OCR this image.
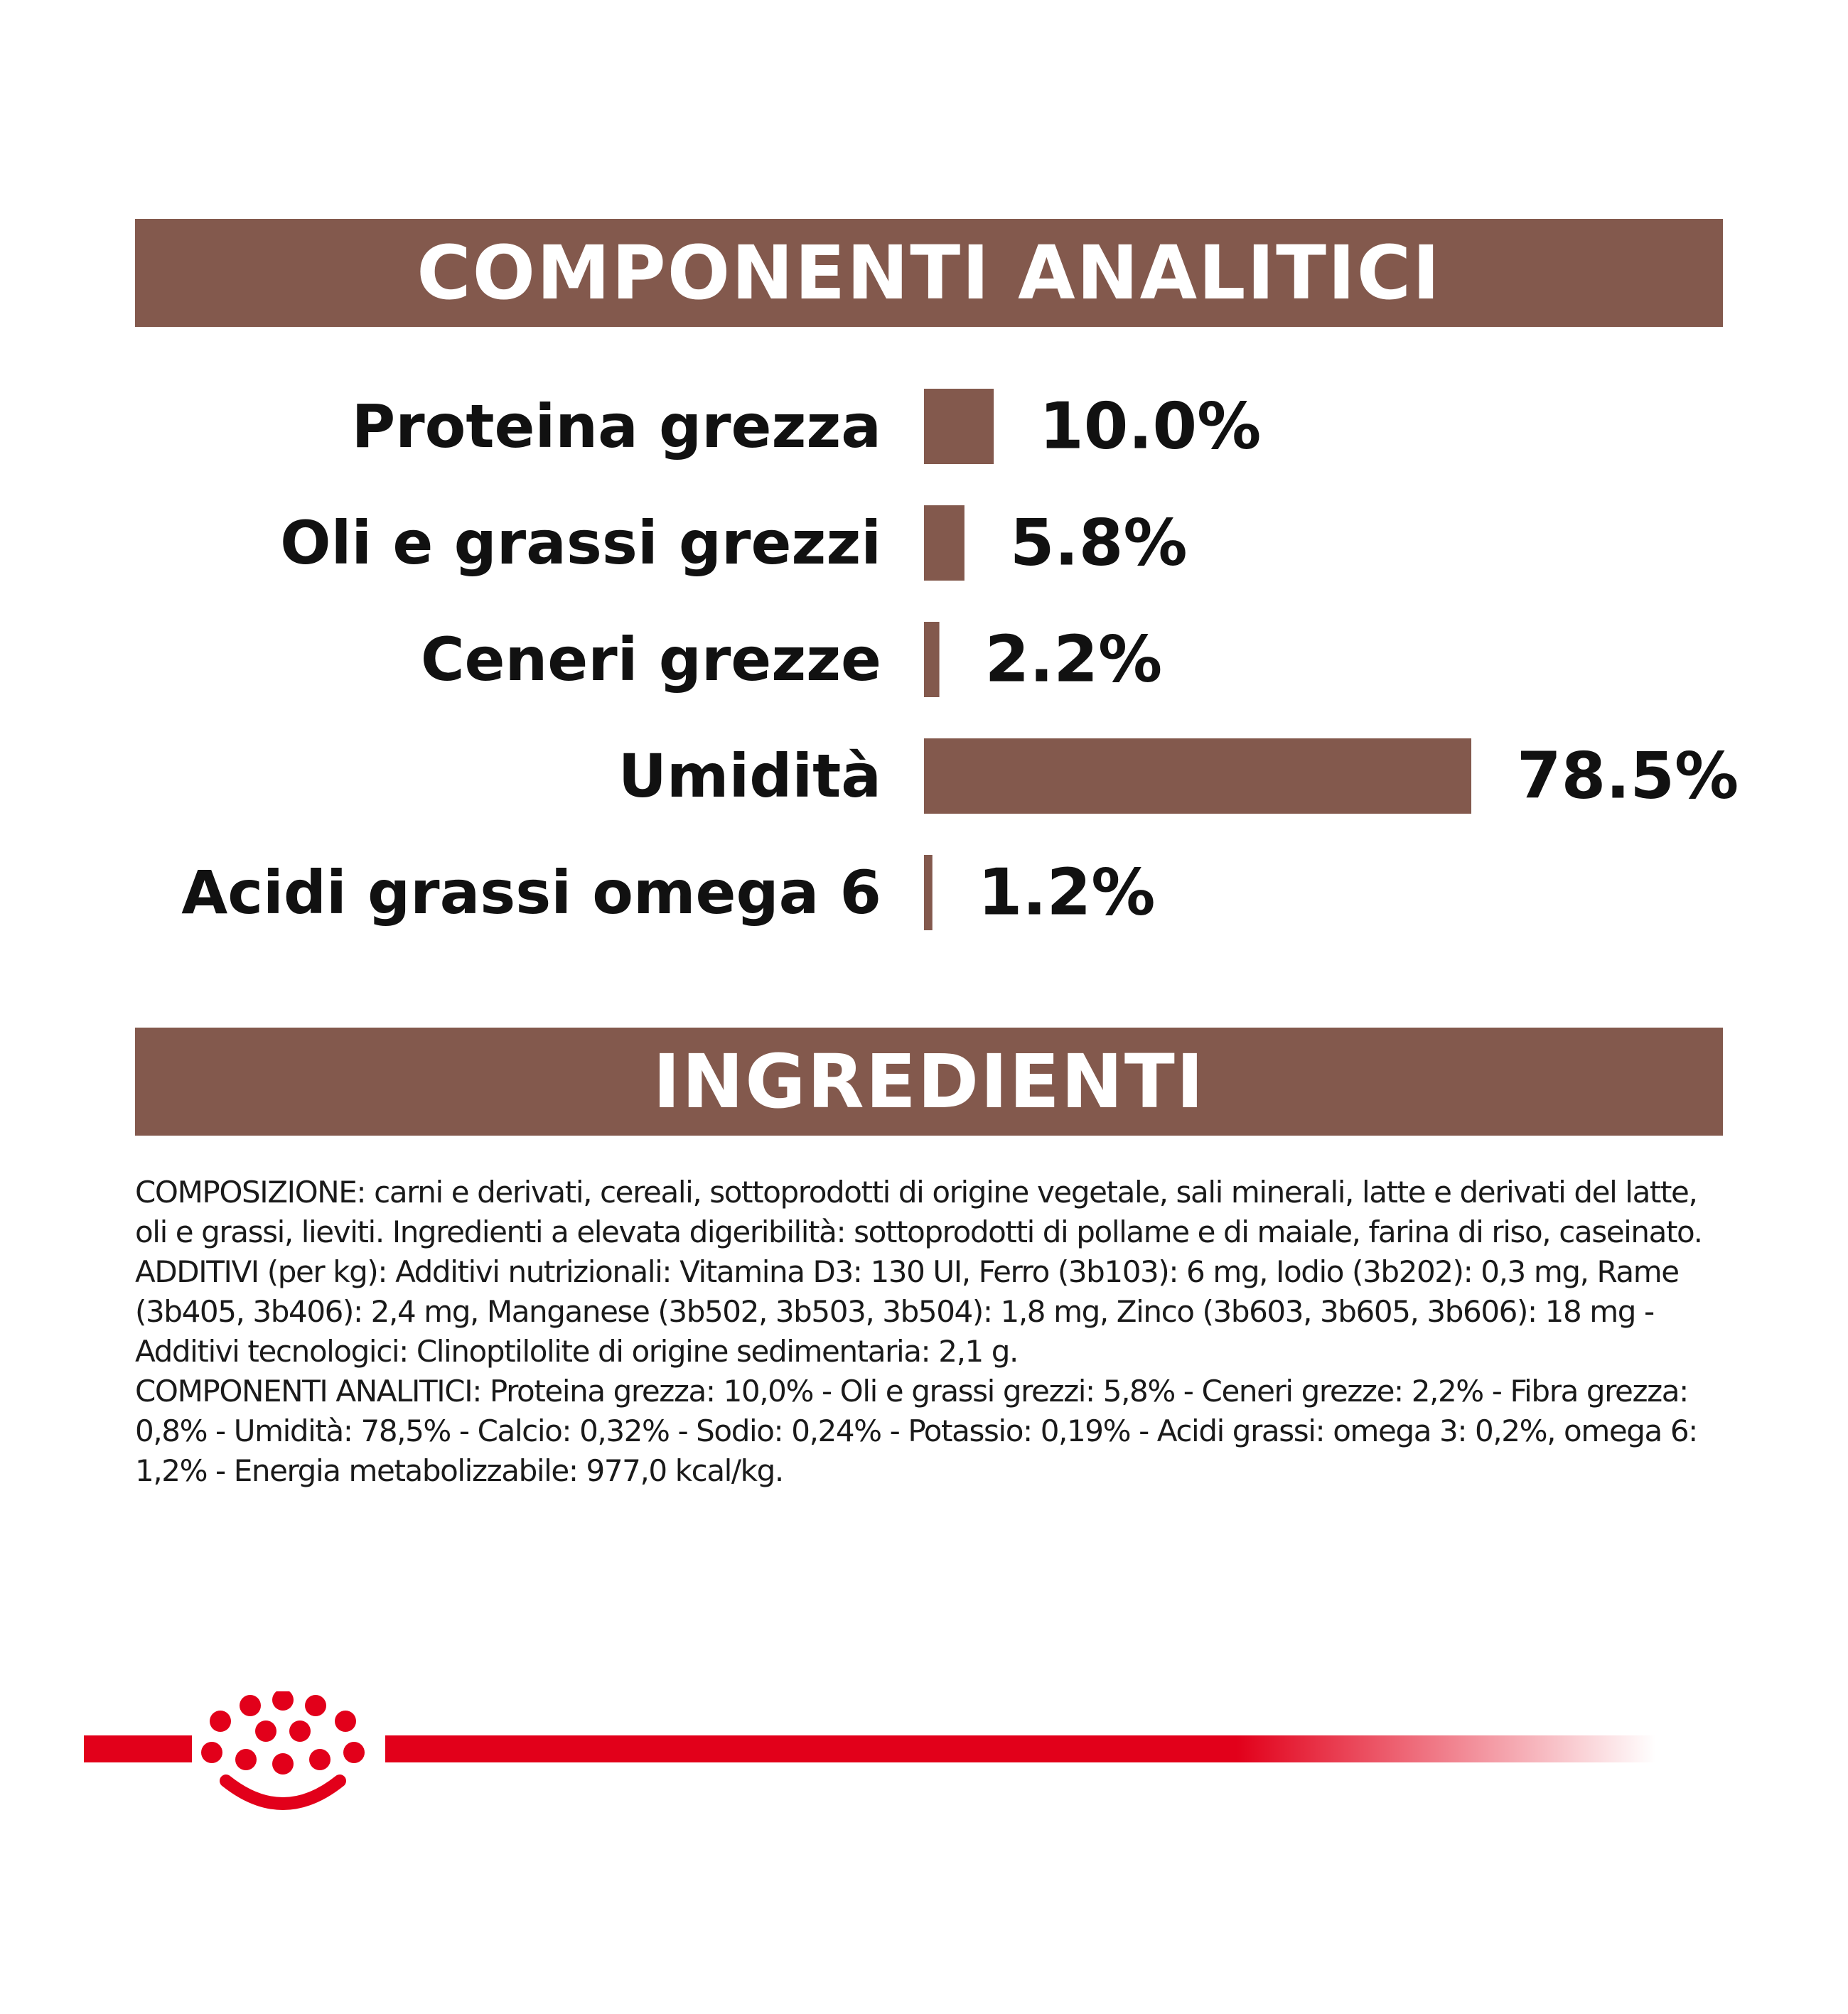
COMPONENTI ANALITICI
Proteina grezza 10.0%
Oli e grassi grezzi 5.8%
Ceneri grezze 2.2%
Umidità	78.5%
Acidi grassi omega 6 1.2%
INGREDIENTI

COMPOSIZIONE: carni e derivati, cereali, sottoprodotti di origine vegetale, sali minerali, latte e derivati del latte, oli e grassi, lieviti. Ingredienti a elevata digeribilità: sottoprodotti di pollame e di maiale, farina di riso, caseinato.

ADDITIVI (per kg): Additivi nutrizionali: Vitamina D3: 130 UI, Ferro (3b103): 6 mg, Iodio (3b202): 0,3 mg, Rame (3b405, 3b406): 2,4 mg, Manganese (3b502, 3b503, 3b504): 1,8 mg, Zinco (3b603, 3b605, 3b606): 18 mg - Additivi tecnologici: Clinoptilolite di origine sedimentaria: 2,1 g.

COMPONENTI ANALITICI: Proteina grezza: 10,0% - Oli e grassi grezzi: 5,8% - Ceneri grezze: 2,2% - Fibra grezza: 0,8% - Umidità: 78,5% - Calcio: 0,32% - Sodio: 0,24% - Potassio: 0,19% - Acidi grassi: omega 3: 0,2%, omega 6: 1,2% - Energia metabolizzabile: 977,0 kcal/kg.
